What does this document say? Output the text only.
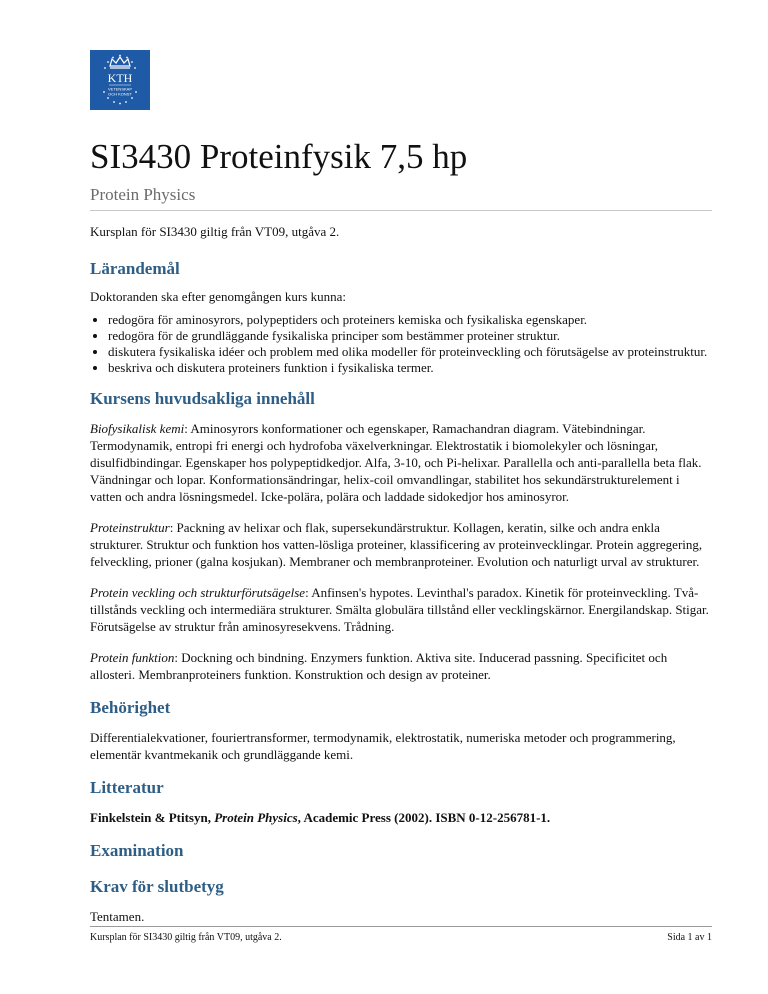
KTH
VETENSKAP
OCH KONST
SI3430 Proteinfysik 7,5 hp
Protein Physics

Kursplan för SI3430 giltig från VT09, utgåva 2.

Lärandemål

Doktoranden ska efter genomgången kurs kunna:

• redogöra för aminosyrors, polypeptiders och proteiners kemiska och fysikaliska egenskaper.
• redogöra för de grundläggande fysikaliska principer som bestämmer proteiner struktur.
• diskutera fysikaliska idéer och problem med olika modeller för proteinveckling och förutsägelse av proteinstruktur.
• beskriva och diskutera proteiners funktion i fysikaliska termer.
Kursens huvudsakliga innehåll

Biofysikalisk kemi: Aminosyrors konformationer och egenskaper, Ramachandran diagram. Vätebindningar. Termodynamik, entropi fri energi och hydrofoba växelverkningar. Elektrostatik i biomolekyler och lösningar, disulfidbindingar. Egenskaper hos polypeptidkedjor. Alfa, 3-10, och Pi-helixar. Parallella och anti-parallella beta flak. Vändningar och lopar. Konformationsändringar, helix-coil omvandlingar, stabilitet hos sekundärstrukturelement i vatten och andra lösningsmedel. Icke-polära, polära och laddade sidokedjor hos aminosyror.

Proteinstruktur: Packning av helixar och flak, supersekundärstruktur. Kollagen, keratin, silke och andra enkla strukturer. Struktur och funktion hos vatten-lösliga proteiner, klassificering av proteinvecklingar. Protein aggregering, felveckling, prioner (galna kosjukan). Membraner och membranproteiner. Evolution och naturligt urval av strukturer.

Protein veckling och strukturförutsägelse: Anfinsen's hypotes. Levinthal's paradox. Kinetik för proteinveckling. Två-tillstånds veckling och intermediära strukturer. Smälta globulära tillstånd eller vecklingskärnor. Energilandskap. Stigar. Förutsägelse av struktur från aminosyresekvens. Trådning.

Protein funktion: Dockning och bindning. Enzymers funktion. Aktiva site. Inducerad passning. Specificitet och allosteri. Membranproteiners funktion. Konstruktion och design av proteiner.

Behörighet

Differentialekvationer, fouriertransformer, termodynamik, elektrostatik, numeriska metoder och programmering, elementär kvantmekanik och grundläggande kemi.

Litteratur

Finkelstein & Ptitsyn, Protein Physics, Academic Press (2002). ISBN 0-12-256781-1.

Examination
Krav för slutbetyg

Tentamen.

Kursplan för SI3430 giltig från VT09, utgåva 2.	Sida 1 av 1
